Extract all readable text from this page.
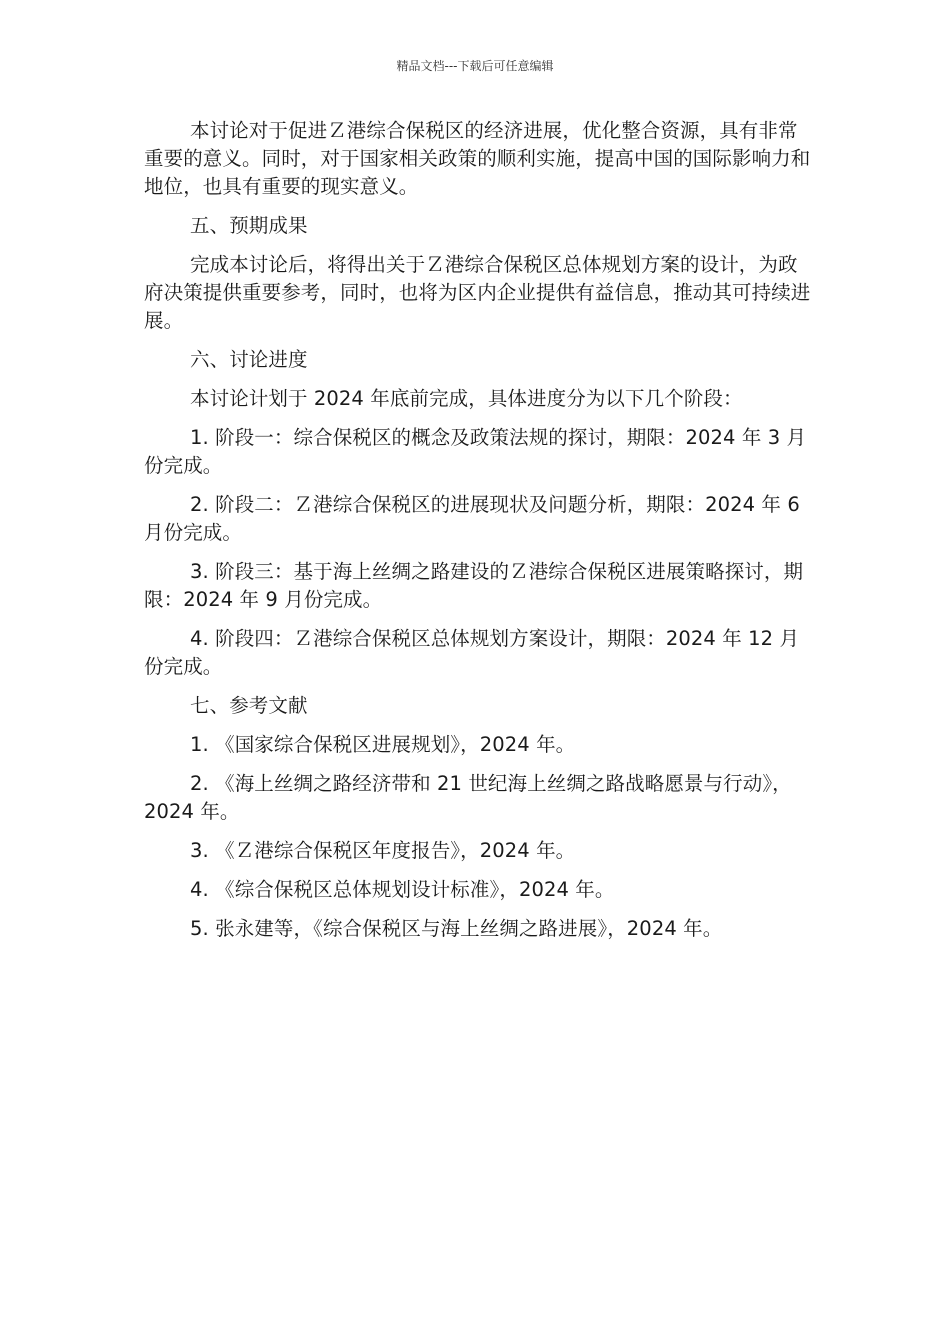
精品文档---下载后可任意编辑

本讨论对于促进Ｚ港综合保税区的经济进展，优化整合资源，具有非常重要的意义。同时，对于国家相关政策的顺利实施，提高中国的国际影响力和地位，也具有重要的现实意义。

五、预期成果

完成本讨论后，将得出关于Ｚ港综合保税区总体规划方案的设计，为政府决策提供重要参考，同时，也将为区内企业提供有益信息，推动其可持续进展。

六、讨论进度

本讨论计划于 2024 年底前完成，具体进度分为以下几个阶段：

1. 阶段一：综合保税区的概念及政策法规的探讨，期限：2024 年 3 月份完成。

2. 阶段二：Ｚ港综合保税区的进展现状及问题分析，期限：2024 年 6 月份完成。

3. 阶段三：基于海上丝绸之路建设的Ｚ港综合保税区进展策略探讨，期限：2024 年 9 月份完成。

4. 阶段四：Ｚ港综合保税区总体规划方案设计，期限：2024 年 12 月份完成。

七、参考文献

1. 《国家综合保税区进展规划》，2024 年。

2. 《海上丝绸之路经济带和 21 世纪海上丝绸之路战略愿景与行动》，2024 年。

3. 《Ｚ港综合保税区年度报告》，2024 年。

4. 《综合保税区总体规划设计标准》，2024 年。

5. 张永建等，《综合保税区与海上丝绸之路进展》，2024 年。
